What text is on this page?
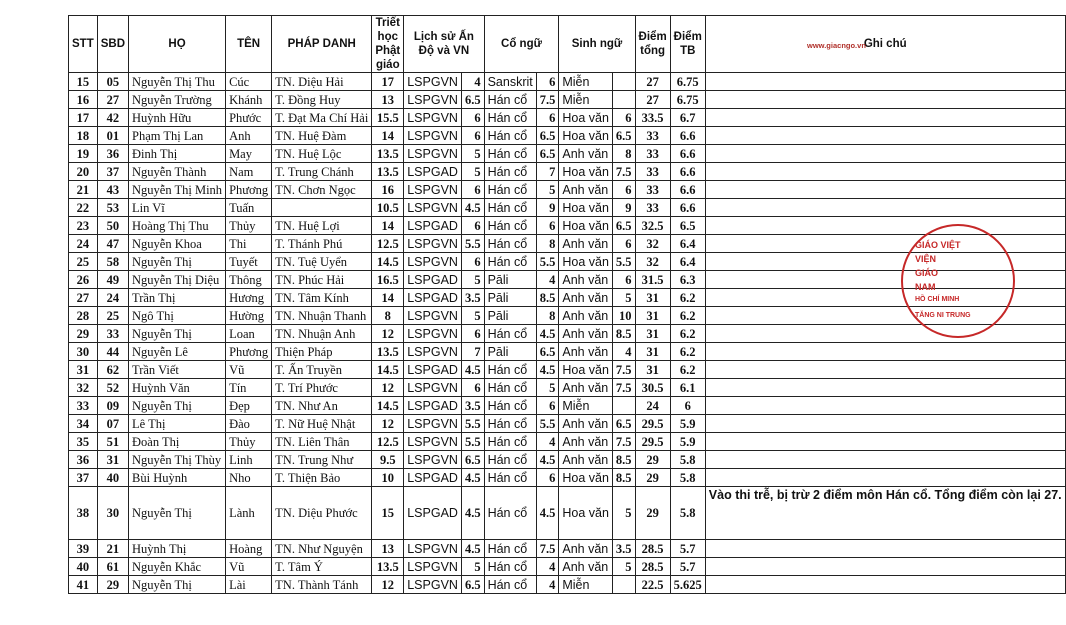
STT	SBD	HỌ	TÊN	PHÁP DANH	Triết học Phật giáo	Lịch sử Ấn Độ và VN		Cổ ngữ		Sinh ngữ		Điểm tổng	Điểm TB	Ghi chú
15	05	Nguyễn Thị Thu	Cúc	TN. Diệu Hải	17	LSPGVN	4	Sanskrit	6	Miễn		27	6.75	
16	27	Nguyễn Trường	Khánh	T. Đồng Huy	13	LSPGVN	6.5	Hán cổ	7.5	Miễn		27	6.75	
17	42	Huỳnh Hữu	Phước	T. Đạt Ma Chí Hải	15.5	LSPGVN	6	Hán cổ	6	Hoa văn	6	33.5	6.7	
18	01	Phạm Thị Lan	Anh	TN. Huệ Đàm	14	LSPGVN	6	Hán cổ	6.5	Hoa văn	6.5	33	6.6	
19	36	Đinh Thị	May	TN. Huệ Lộc	13.5	LSPGVN	5	Hán cổ	6.5	Anh văn	8	33	6.6	
20	37	Nguyễn Thành	Nam	T. Trung Chánh	13.5	LSPGAD	5	Hán cổ	7	Hoa văn	7.5	33	6.6	
21	43	Nguyễn Thị Minh	Phương	TN. Chơn Ngọc	16	LSPGVN	6	Hán cổ	5	Anh văn	6	33	6.6	
22	53	Lin Vĩ	Tuấn		10.5	LSPGVN	4.5	Hán cổ	9	Hoa văn	9	33	6.6	
23	50	Hoàng Thị Thu	Thủy	TN. Huệ Lợi	14	LSPGAD	6	Hán cổ	6	Hoa văn	6.5	32.5	6.5	
24	47	Nguyễn Khoa	Thi	T. Thánh Phú	12.5	LSPGVN	5.5	Hán cổ	8	Anh văn	6	32	6.4	
25	58	Nguyễn Thị	Tuyết	TN. Tuệ Uyển	14.5	LSPGVN	6	Hán cổ	5.5	Hoa văn	5.5	32	6.4	
26	49	Nguyễn Thị Diệu	Thông	TN. Phúc Hải	16.5	LSPGAD	5	Pāli	4	Anh văn	6	31.5	6.3	
27	24	Trần Thị	Hương	TN. Tâm Kính	14	LSPGAD	3.5	Pāli	8.5	Anh văn	5	31	6.2	
28	25	Ngô Thị	Hường	TN. Nhuận Thanh	8	LSPGVN	5	Pāli	8	Anh văn	10	31	6.2	
29	33	Nguyễn Thị	Loan	TN. Nhuận Anh	12	LSPGVN	6	Hán cổ	4.5	Anh văn	8.5	31	6.2	
30	44	Nguyễn Lê	Phương	Thiện Pháp	13.5	LSPGVN	7	Pāli	6.5	Anh văn	4	31	6.2	
31	62	Trần Viết	Vũ	T. Ấn Truyền	14.5	LSPGAD	4.5	Hán cổ	4.5	Hoa văn	7.5	31	6.2	
32	52	Huỳnh Văn	Tín	T. Trí Phước	12	LSPGVN	6	Hán cổ	5	Anh văn	7.5	30.5	6.1	
33	09	Nguyễn Thị	Đẹp	TN. Như An	14.5	LSPGAD	3.5	Hán cổ	6	Miễn		24	6	
34	07	Lê Thị	Đào	T. Nữ Huệ Nhật	12	LSPGVN	5.5	Hán cổ	5.5	Anh văn	6.5	29.5	5.9	
35	51	Đoàn Thị	Thủy	TN. Liên Thân	12.5	LSPGVN	5.5	Hán cổ	4	Anh văn	7.5	29.5	5.9	
36	31	Nguyễn Thị Thùy	Linh	TN. Trung Như	9.5	LSPGVN	6.5	Hán cổ	4.5	Anh văn	8.5	29	5.8	
37	40	Bùi Huỳnh	Nho	T. Thiện Bảo	10	LSPGAD	4.5	Hán cổ	6	Hoa văn	8.5	29	5.8	
38	30	Nguyễn Thị	Lành	TN. Diệu Phước	15	LSPGAD	4.5	Hán cổ	4.5	Hoa văn	5	29	5.8	Vào thi trễ, bị trừ 2 điểm môn Hán cổ. Tổng điểm còn lại 27.
39	21	Huỳnh Thị	Hoàng	TN. Như Nguyện	13	LSPGVN	4.5	Hán cổ	7.5	Anh văn	3.5	28.5	5.7	
40	61	Nguyễn Khắc	Vũ	T. Tâm Ý	13.5	LSPGVN	5	Hán cổ	4	Anh văn	5	28.5	5.7	
41	29	Nguyễn Thị	Lài	TN. Thành Tánh	12	LSPGVN	6.5	Hán cổ	4	Miễn		22.5	5.625	
www.giacngo.vn
GIÁO VIỆT
VIỆN
GIÁO
NAM
HỒ CHÍ MINH
TĂNG NI TRUNG
